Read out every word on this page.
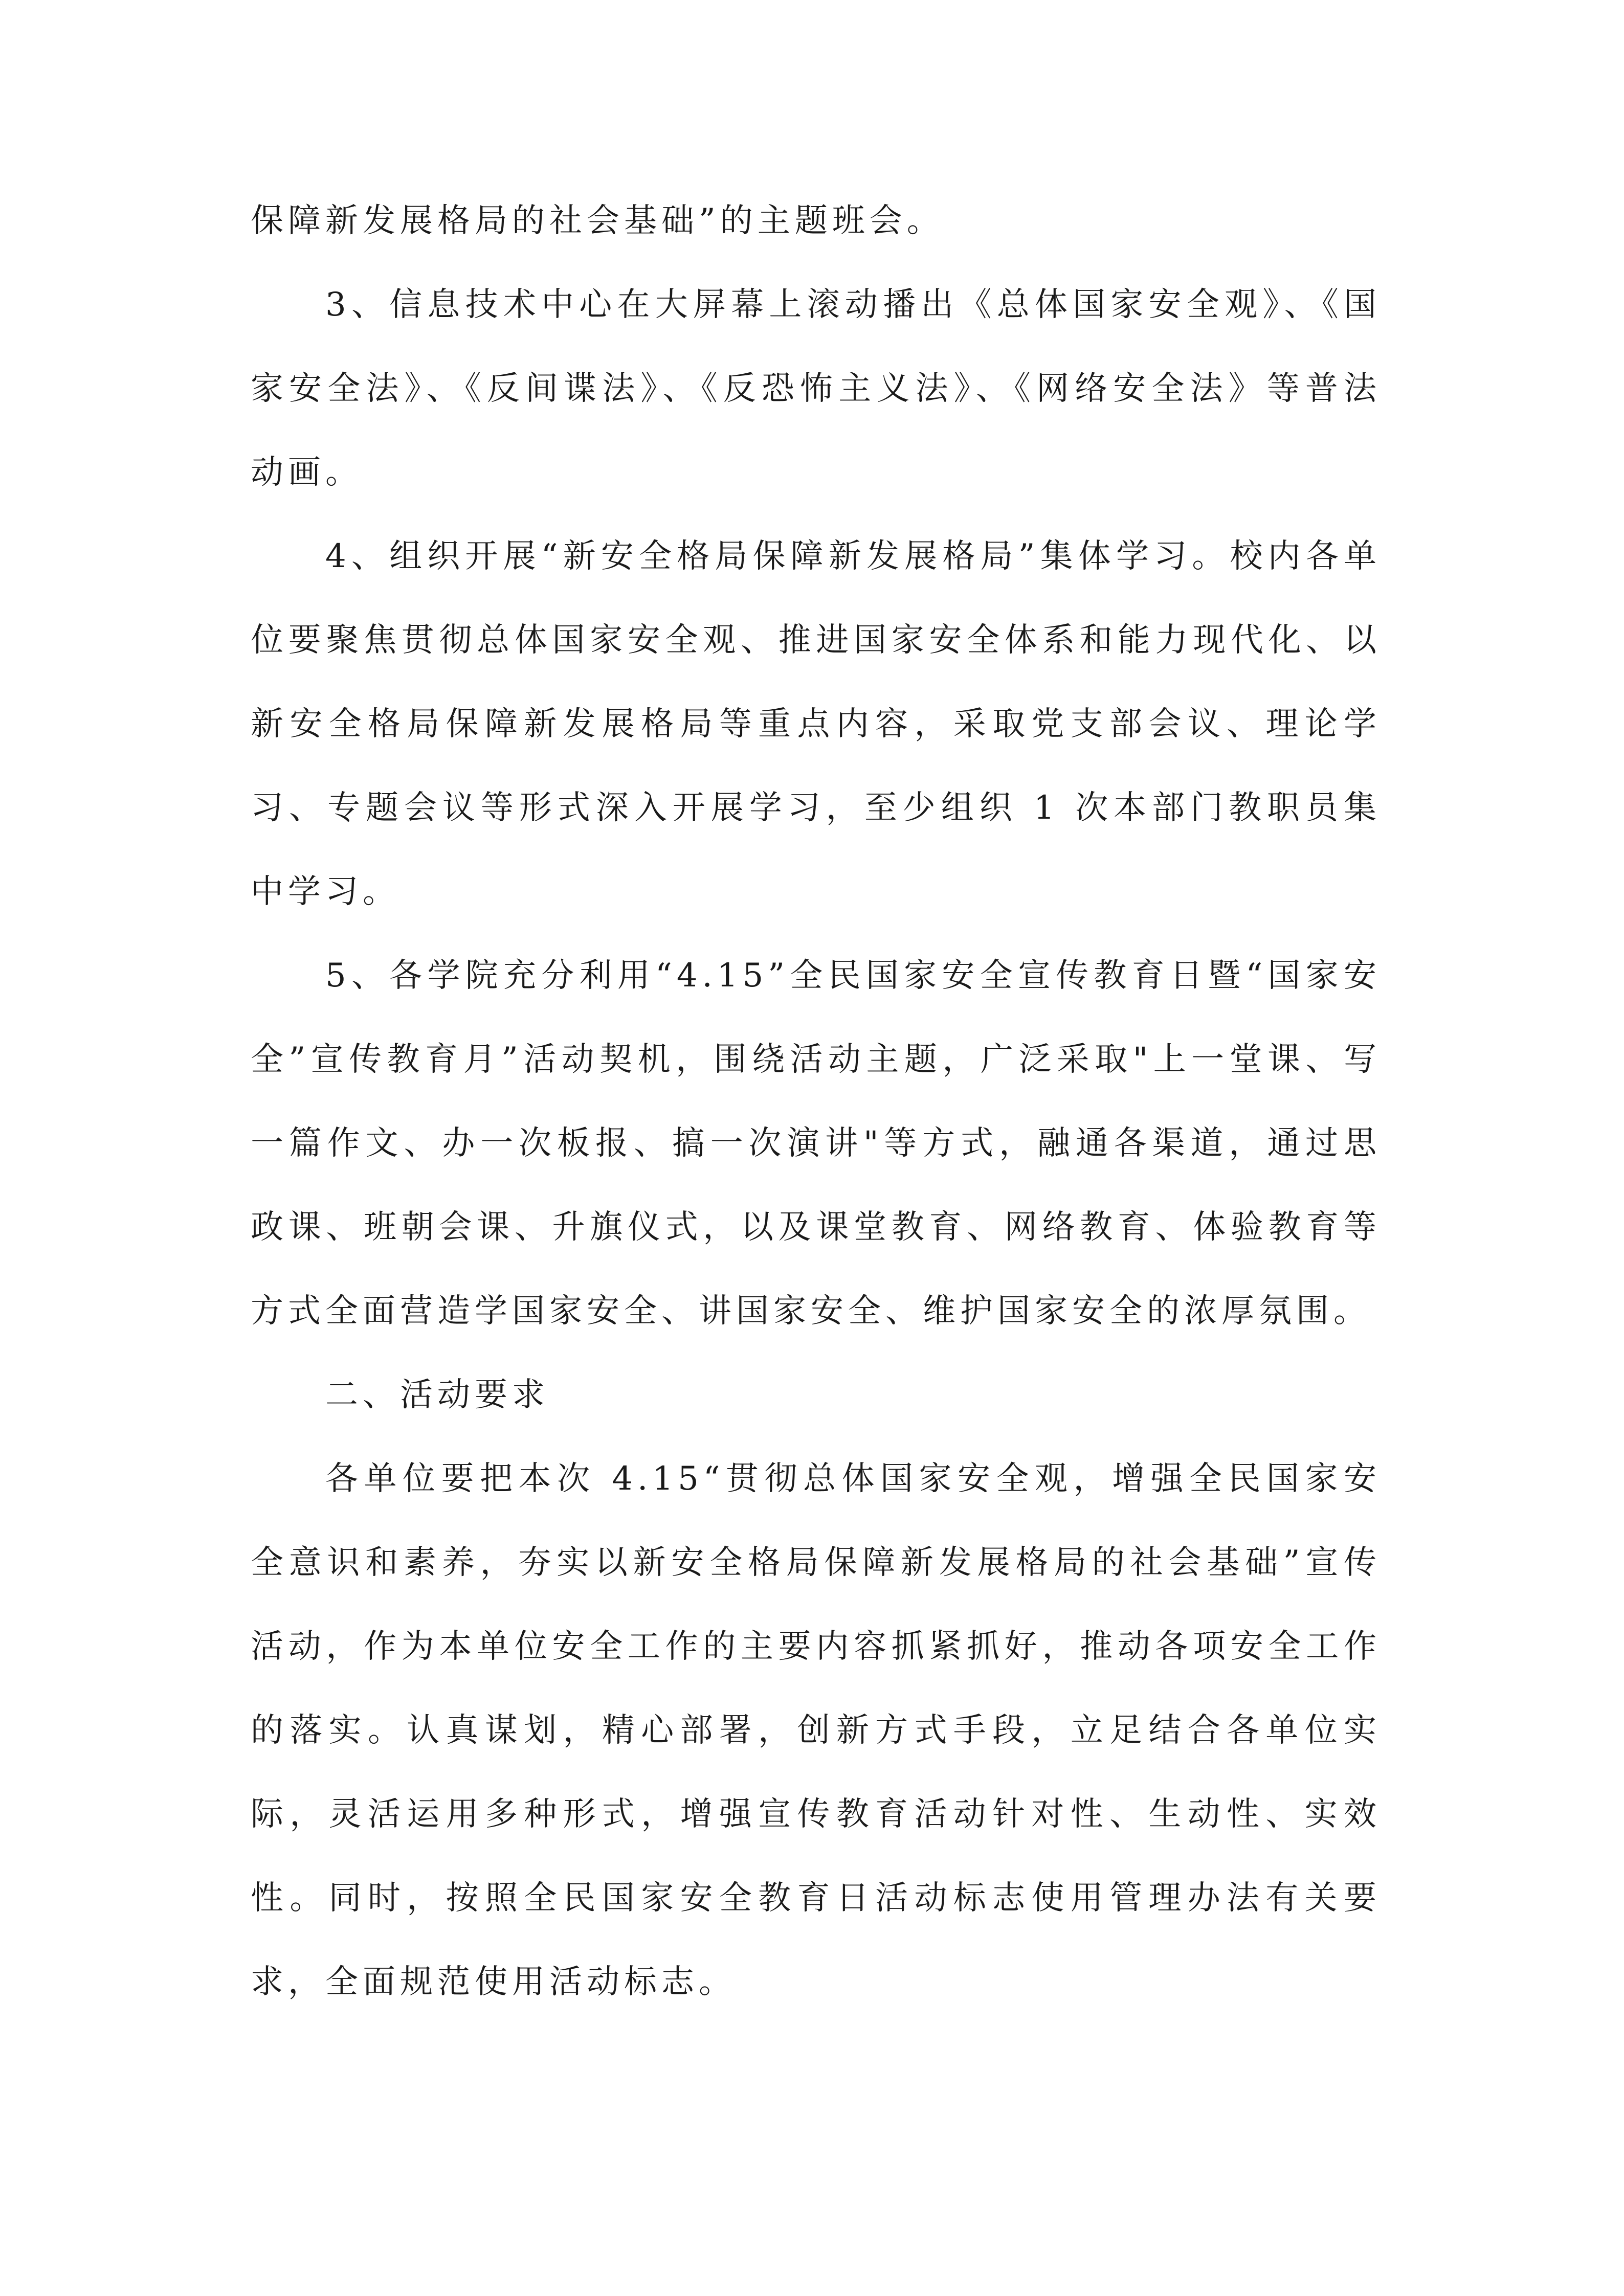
保障新发展格局的社会基础”的主题班会。

3、信息技术中心在大屏幕上滚动播出《总体国家安全观》、《国家安全法》、《反间谍法》、《反恐怖主义法》、《网络安全法》等普法动画。

4、组织开展“新安全格局保障新发展格局”集体学习。校内各单位要聚焦贯彻总体国家安全观、推进国家安全体系和能力现代化、以新安全格局保障新发展格局等重点内容，采取党支部会议、理论学习、专题会议等形式深入开展学习，至少组织 1 次本部门教职员集中学习。

5、各学院充分利用“4.15”全民国家安全宣传教育日暨“国家安全”宣传教育月”活动契机，围绕活动主题，广泛采取"上一堂课、写一篇作文、办一次板报、搞一次演讲"等方式，融通各渠道，通过思政课、班朝会课、升旗仪式，以及课堂教育、网络教育、体验教育等方式全面营造学国家安全、讲国家安全、维护国家安全的浓厚氛围。

二、活动要求

各单位要把本次 4.15“贯彻总体国家安全观，增强全民国家安全意识和素养，夯实以新安全格局保障新发展格局的社会基础”宣传活动，作为本单位安全工作的主要内容抓紧抓好，推动各项安全工作的落实。认真谋划，精心部署，创新方式手段，立足结合各单位实际，灵活运用多种形式，增强宣传教育活动针对性、生动性、实效性。同时，按照全民国家安全教育日活动标志使用管理办法有关要求，全面规范使用活动标志。
